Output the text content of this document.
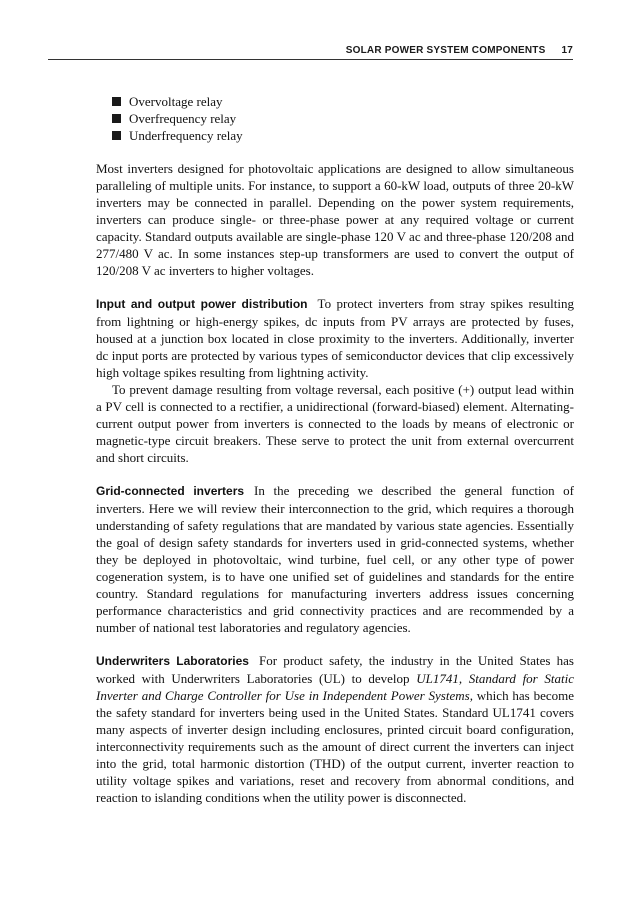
SOLAR POWER SYSTEM COMPONENTS 17
Overvoltage relay
Overfrequency relay
Underfrequency relay

Most inverters designed for photovoltaic applications are designed to allow simultaneous paralleling of multiple units. For instance, to support a 60-kW load, outputs of three 20-kW inverters may be connected in parallel. Depending on the power system requirements, inverters can produce single- or three-phase power at any required voltage or current capacity. Standard outputs available are single-phase 120 V ac and three-phase 120/208 and 277/480 V ac. In some instances step-up transformers are used to convert the output of 120/208 V ac inverters to higher voltages.

Input and output power distribution To protect inverters from stray spikes resulting from lightning or high-energy spikes, dc inputs from PV arrays are protected by fuses, housed at a junction box located in close proximity to the inverters. Additionally, inverter dc input ports are protected by various types of semiconductor devices that clip excessively high voltage spikes resulting from lightning activity.

To prevent damage resulting from voltage reversal, each positive (+) output lead within a PV cell is connected to a rectifier, a unidirectional (forward-biased) element. Alternating-current output power from inverters is connected to the loads by means of electronic or magnetic-type circuit breakers. These serve to protect the unit from external overcurrent and short circuits.

Grid-connected inverters In the preceding we described the general function of inverters. Here we will review their interconnection to the grid, which requires a thorough understanding of safety regulations that are mandated by various state agencies. Essentially the goal of design safety standards for inverters used in grid-connected systems, whether they be deployed in photovoltaic, wind turbine, fuel cell, or any other type of power cogeneration system, is to have one unified set of guidelines and standards for the entire country. Standard regulations for manufacturing inverters address issues concerning performance characteristics and grid connectivity practices and are recommended by a number of national test laboratories and regulatory agencies.

Underwriters Laboratories For product safety, the industry in the United States has worked with Underwriters Laboratories (UL) to develop UL1741, Standard for Static Inverter and Charge Controller for Use in Independent Power Systems, which has become the safety standard for inverters being used in the United States. Standard UL1741 covers many aspects of inverter design including enclosures, printed circuit board configuration, interconnectivity requirements such as the amount of direct current the inverters can inject into the grid, total harmonic distortion (THD) of the output current, inverter reaction to utility voltage spikes and variations, reset and recovery from abnormal conditions, and reaction to islanding conditions when the utility power is disconnected.
